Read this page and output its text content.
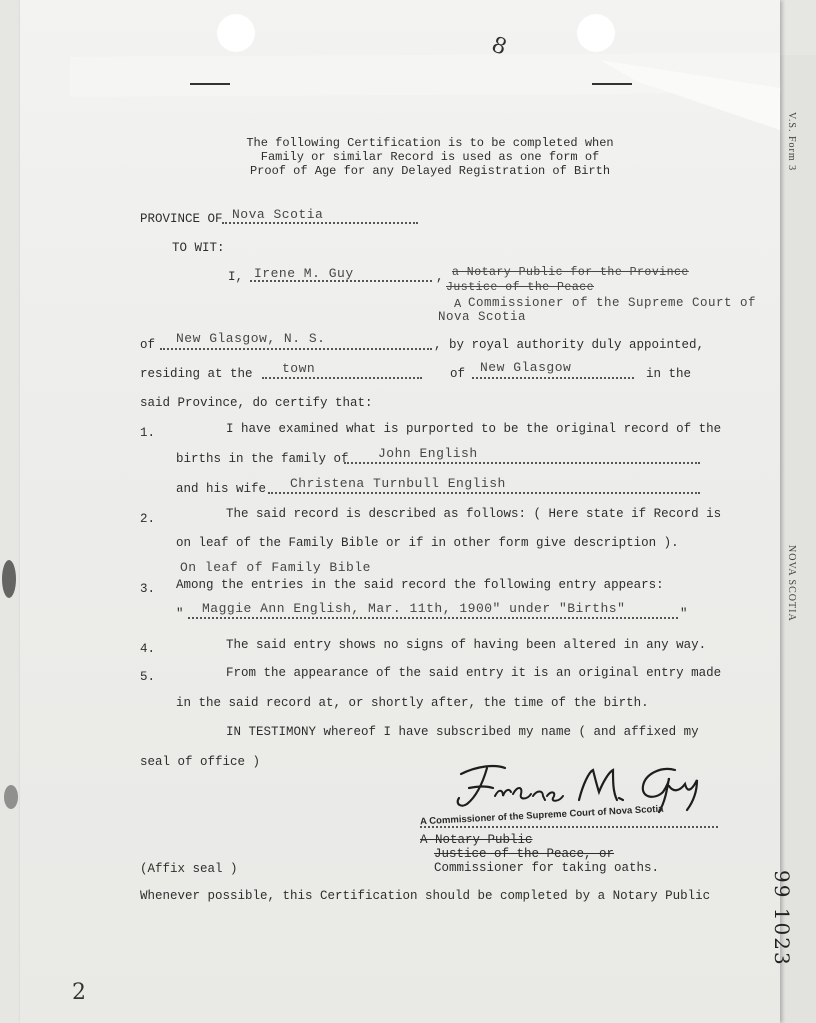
8
2
V.S. Form 3
NOVA SCOTIA
99 1023
The following Certification is to be completed when
Family or similar Record is used as one form of
Proof of Age for any Delayed Registration of Birth
PROVINCE OF Nova Scotia
TO WIT:
I, Irene M. Guy	, a Notary Public for the Province
Justice of the Peace
A Commissioner of the Supreme Court of
Nova Scotia
of New Glasgow, N. S.	, by royal authority duly appointed,
residing at the town	of New Glasgow	in the
said Province, do certify that:
1.	I have examined what is purported to be the original record of the
births in the family of John English
and his wife Christena Turnbull English
2.	The said record is described as follows: ( Here state if Record is
on leaf of the Family Bible or if in other form give description ).
On leaf of Family Bible
3. Among the entries in the said record the following entry appears:
" Maggie Ann English, Mar. 11th, 1900" under "Births"	"
4.	The said entry shows no signs of having been altered in any way.
5.	From the appearance of the said entry it is an original entry made
in the said record at, or shortly after, the time of the birth.
IN TESTIMONY whereof I have subscribed my name ( and affixed my
seal of office )
A Commissioner of the Supreme Court of Nova Scotia
A Notary Public
Justice of the Peace, or
Commissioner for taking oaths.
(Affix seal )
Whenever possible, this Certification should be completed by a Notary Public
